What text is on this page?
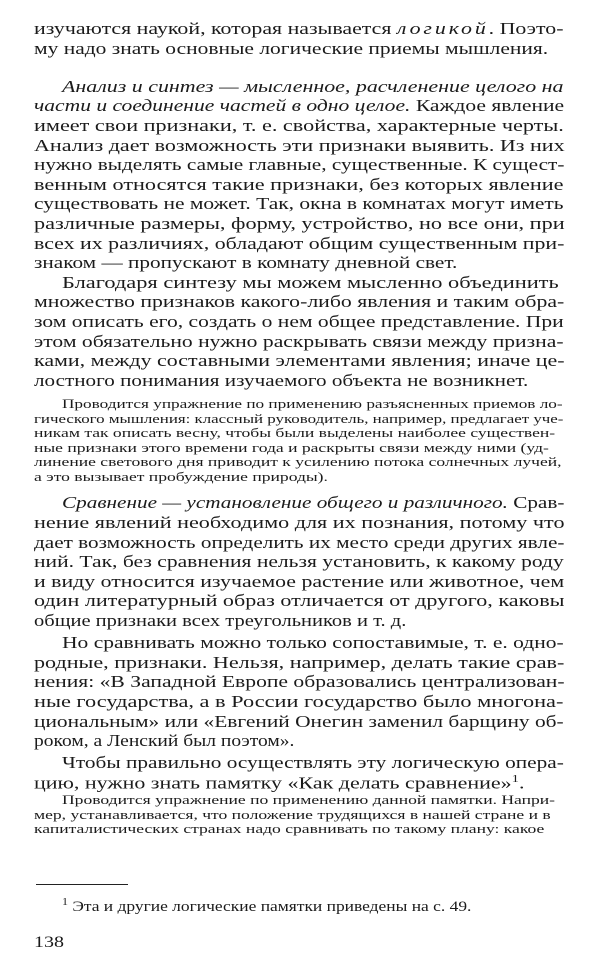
изучаются наукой, которая называется логикой. Поэто-
му надо знать основные логические приемы мышления.
Анализ и синтез — мысленное, расчленение целого на
части и соединение частей в одно целое. Каждое явление
имеет свои признаки, т. е. свойства, характерные черты.
Анализ дает возможность эти признаки выявить. Из них
нужно выделять самые главные, существенные. К сущест-
венным относятся такие признаки, без которых явление
существовать не может. Так, окна в комнатах могут иметь
различные размеры, форму, устройство, но все они, при
всех их различиях, обладают общим существенным при-
знаком — пропускают в комнату дневной свет.
Благодаря синтезу мы можем мысленно объединить
множество признаков какого-либо явления и таким обра-
зом описать его, создать о нем общее представление. При
этом обязательно нужно раскрывать связи между призна-
ками, между составными элементами явления; иначе це-
лостного понимания изучаемого объекта не возникнет.
Проводится упражнение по применению разъясненных приемов ло-
гического мышления: классный руководитель, например, предлагает уче-
никам так описать весну, чтобы были выделены наиболее существен-
ные признаки этого времени года и раскрыты связи между ними (уд-
линение светового дня приводит к усилению потока солнечных лучей,
а это вызывает пробуждение природы).
Сравнение — установление общего и различного. Срав-
нение явлений необходимо для их познания, потому что
дает возможность определить их место среди других явле-
ний. Так, без сравнения нельзя установить, к какому роду
и виду относится изучаемое растение или животное, чем
один литературный образ отличается от другого, каковы
общие признаки всех треугольников и т. д.
Но сравнивать можно только сопоставимые, т. е. одно-
родные, признаки. Нельзя, например, делать такие срав-
нения: «В Западной Европе образовались централизован-
ные государства, а в России государство было многона-
циональным» или «Евгений Онегин заменил барщину об-
роком, а Ленский был поэтом».
Чтобы правильно осуществлять эту логическую опера-
цию, нужно знать памятку «Как делать сравнение»$^1$.
Проводится упражнение по применению данной памятки. Напри-
мер, устанавливается, что положение трудящихся в нашей стране и в
капиталистических странах надо сравнивать по такому плану: какое
$^1$ Эта и другие логические памятки приведены на с. 49.
138
